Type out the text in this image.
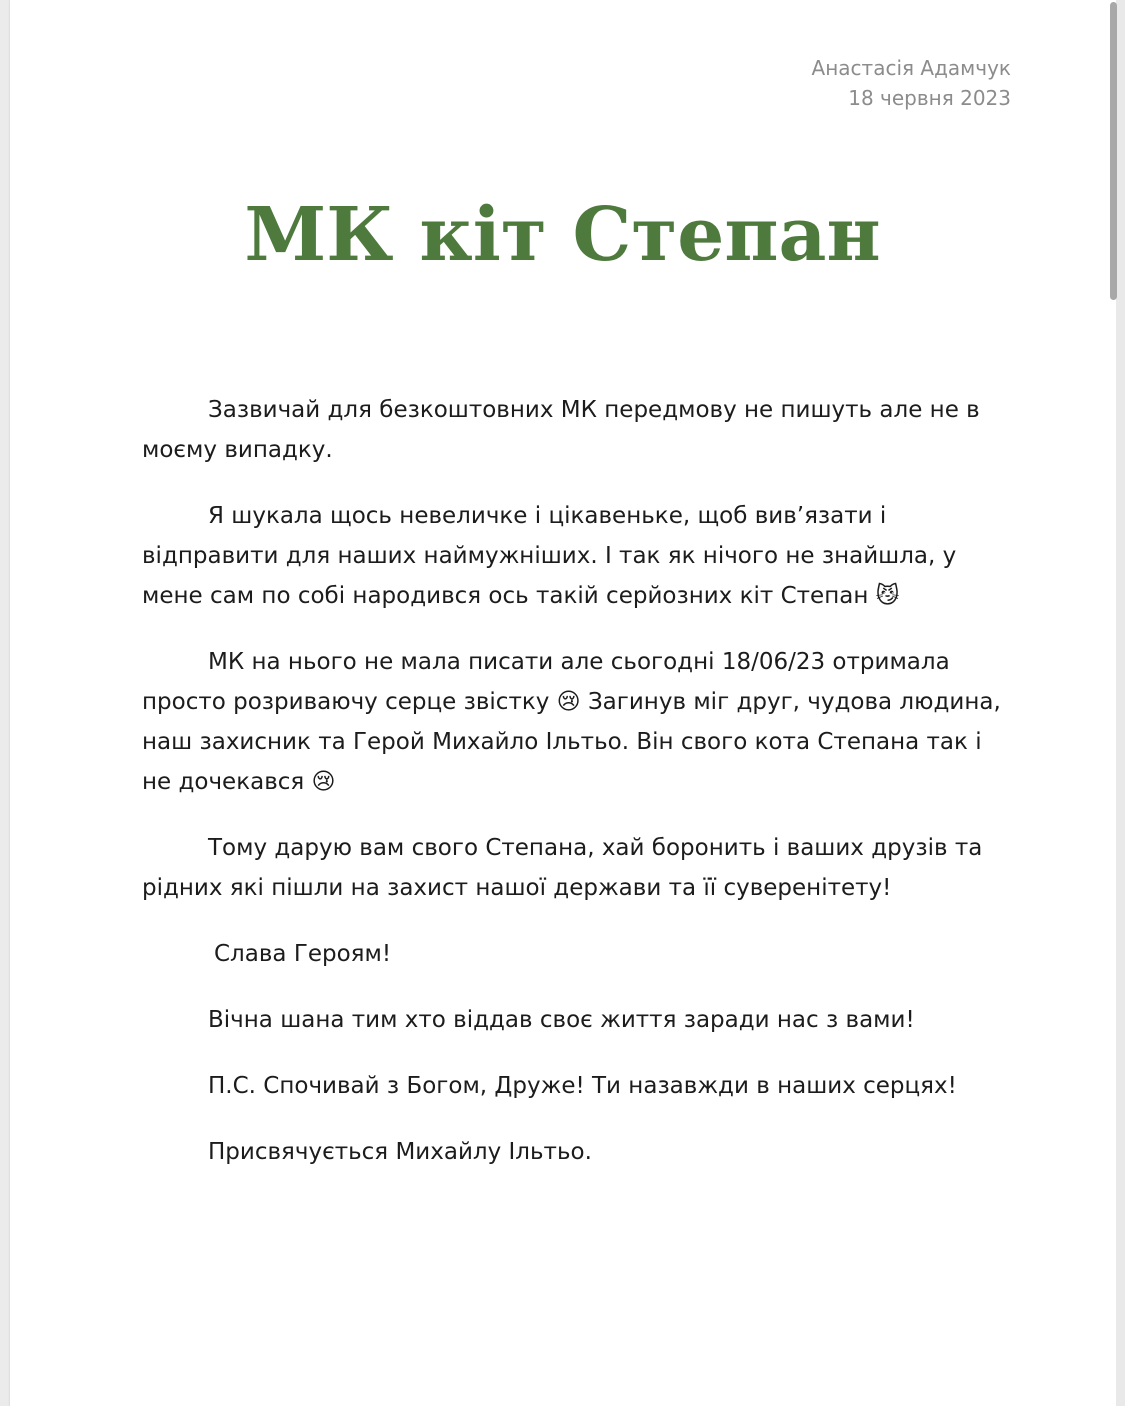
Анастасія Адамчук
18 червня 2023
МК кіт Степан

Зазвичай для безкоштовних МК передмову не пишуть але не в моєму випадку.

Я шукала щось невеличке і цікавеньке, щоб вив’язати і відправити для наших наймужніших. І так як нічого не знайшла, у мене сам по собі народився ось такій серйозних кіт Степан 😼

МК на нього не мала писати але сьогодні 18/06/23 отримала просто розриваючу серце звістку 😢 Загинув міг друг, чудова людина, наш захисник та Герой Михайло Ільтьо. Він свого кота Степана так і не дочекався 😢

Тому дарую вам свого Степана, хай боронить і ваших друзів та рідних які пішли на захист нашої держави та її суверенітету!

Слава Героям!

Вічна шана тим хто віддав своє життя заради нас з вами!

П.С. Спочивай з Богом, Друже! Ти назавжди в наших серцях!

Присвячується Михайлу Ільтьо.
